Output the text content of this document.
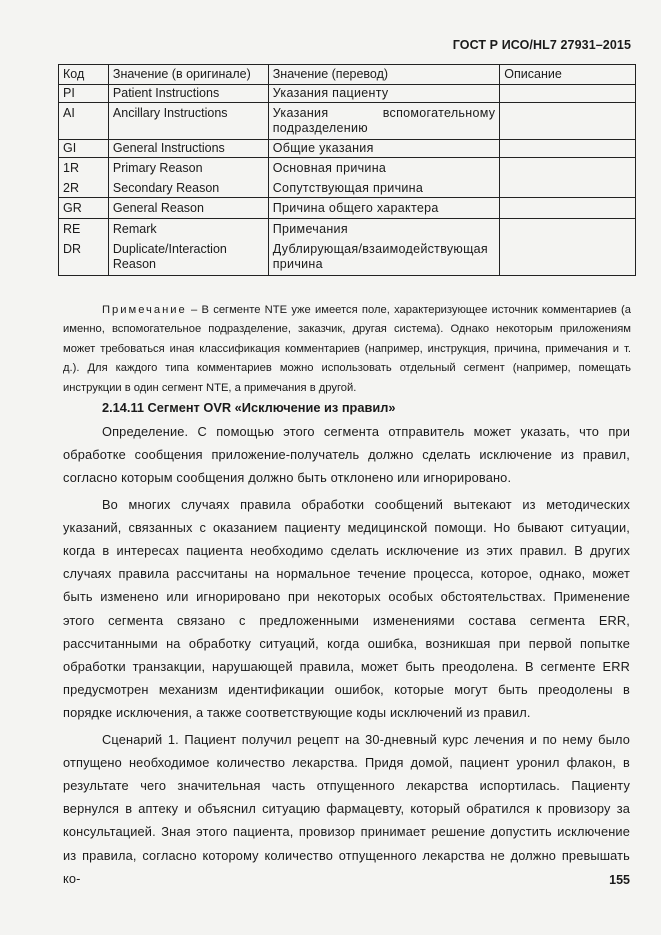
ГОСТ Р ИСО/HL7 27931–2015
Код	Значение (в оригинале)	Значение (перевод)	Описание
PI	Patient Instructions	Указания пациенту	
AI	Ancillary Instructions	Указания вспомогательному подразделению	
GI	General Instructions	Общие указания	
1R	Primary Reason	Основная причина	
2R	Secondary Reason	Сопутствующая причина	
GR	General Reason	Причина общего характера	
RE	Remark	Примечания	
DR	Duplicate/Interaction Reason	Дублирующая/взаимодействующая причина	
Примечание – В сегменте NTE уже имеется поле, характеризующее источник комментариев (а именно, вспомогательное подразделение, заказчик, другая система). Однако некоторым приложениям может требоваться иная классификация комментариев (например, инструкция, причина, примечания и т. д.). Для каждого типа комментариев можно использовать отдельный сегмент (например, помещать инструкции в один сегмент NTE, а примечания в другой.
2.14.11 Сегмент OVR «Исключение из правил»

Определение. С помощью этого сегмента отправитель может указать, что при обработке сообщения приложение-получатель должно сделать исключение из правил, согласно которым сообщения должно быть отклонено или игнорировано.

Во многих случаях правила обработки сообщений вытекают из методических указаний, связанных с оказанием пациенту медицинской помощи. Но бывают ситуации, когда в интересах пациента необходимо сделать исключение из этих правил. В других случаях правила рассчитаны на нормальное течение процесса, которое, однако, может быть изменено или игнорировано при некоторых особых обстоятельствах. Применение этого сегмента связано с предложенными изменениями состава сегмента ERR, рассчитанными на обработку ситуаций, когда ошибка, возникшая при первой попытке обработки транзакции, нарушающей правила, может быть преодолена. В сегменте ERR предусмотрен механизм идентификации ошибок, которые могут быть преодолены в порядке исключения, а также соответствующие коды исключений из правил.

Сценарий 1. Пациент получил рецепт на 30-дневный курс лечения и по нему было отпущено необходимое количество лекарства. Придя домой, пациент уронил флакон, в результате чего значительная часть отпущенного лекарства испортилась. Пациенту вернулся в аптеку и объяснил ситуацию фармацевту, который обратился к провизору за консультацией. Зная этого пациента, провизор принимает решение допустить исключение из правила, согласно которому количество отпущенного лекарства не должно превышать ко-	155
